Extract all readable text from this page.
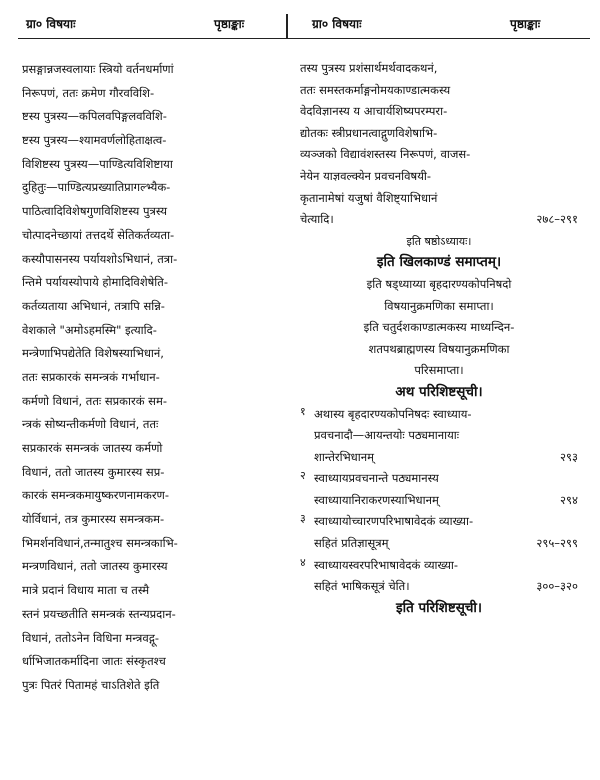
ग्रा० विषयाः	पृष्ठाङ्काः	ग्रा० विषयाः	पृष्ठाङ्काः
प्रसङ्गान्नजस्वलायाः स्त्रियो वर्तनधर्माणां
निरूपणं, ततः क्रमेण गौरवविशि-
ष्टस्य पुत्रस्य—कपिलवपिङ्गलवविशि-
ष्टस्य पुत्रस्य—श्यामवर्णलोहिताक्षत्व-
विशिष्टस्य पुत्रस्य—पाण्डित्यविशिष्टाया
दुहितुः—पाण्डित्यप्रख्यातिप्रागल्भ्यैक-
पाठित्वादिविशेषगुणविशिष्टस्य पुत्रस्य
चोत्पादनेच्छायां तत्तदर्थे सेतिकर्तव्यता-
कस्यौपासनस्य पर्यायशोऽभिधानं, तत्रा-
न्तिमे पर्यायस्योपाये होमादिविशेषेति-
कर्तव्यताया अभिधानं, तत्रापि सन्नि-
वेशकाले "अमोऽहमस्मि" इत्यादि-
मन्त्रेणाभिपद्येतेति विशेषस्याभिधानं,
ततः सप्रकारकं समन्त्रकं गर्भाधान-
कर्मणो विधानं, ततः सप्रकारकं सम-
न्त्रकं सोष्यन्तीकर्मणो विधानं, ततः
सप्रकारकं समन्त्रकं जातस्य कर्मणो
विधानं, ततो जातस्य कुमारस्य सप्र-
कारकं समन्त्रकमायुष्करणनामकरण-
योर्विधानं, तत्र कुमारस्य समन्त्रकम-
भिमर्शनविधानं,तन्मातुश्च समन्त्रकाभि-
मन्त्रणविधानं, ततो जातस्य कुमारस्य
मात्रे प्रदानं विधाय माता च तस्मै
स्तनं प्रयच्छतीति समन्त्रकं स्तन्यप्रदान-
विधानं, ततोऽनेन विधिना मन्त्रवद्गू-
र्धाभिजातकर्मादिना जातः संस्कृतश्च
पुत्रः पितरं पितामहं चाऽतिशेते इति
तस्य पुत्रस्य प्रशंसार्थमर्थवादकथनं,
ततः समस्तकर्माङ्गनोमयकाण्डात्मकस्य
वेदविज्ञानस्य य आचार्यशिष्यपरम्परा-
द्योतकः स्त्रीप्रधानत्वाद्गुणविशेषाभि-
व्यञ्जको विद्यावंशस्तस्य निरूपणं, वाजस-
नेयेन याज्ञवल्क्येन प्रवचनविषयी-
कृतानामेषां यजुषां वैशिष्ट्याभिधानं
चेत्यादि।	२७८–२९१
इति षष्ठोऽध्यायः।
इति खिलकाण्डं समाप्तम्।
इति षड्ध्याय्या बृहदारण्यकोपनिषदो
विषयानुक्रमणिका समाप्ता।
इति चतुर्दशकाण्डात्मकस्य माध्यन्दिन-
शतपथब्राह्मणस्य विषयानुक्रमणिका
परिसमाप्ता।
अथ परिशिष्टसूची।
१ अथास्य बृहदारण्यकोपनिषदः स्वाध्याय-
प्रवचनादौ—आयन्तयोः पठ्यमानायाः
शान्तेरभिधानम्	२९३
२ स्वाध्यायप्रवचनान्ते पठ्यमानस्य
स्वाध्यायानिराकरणस्याभिधानम्	२९४
३ स्वाध्यायोच्चारणपरिभाषावेदकं व्याख्या-
सहितं प्रतिज्ञासूत्रम्	२९५–२९९
४ स्वाध्यायस्वरपरिभाषावेदकं व्याख्या-
सहितं भाषिकसूत्रं चेति।	३००–३२०
इति परिशिष्टसूची।
